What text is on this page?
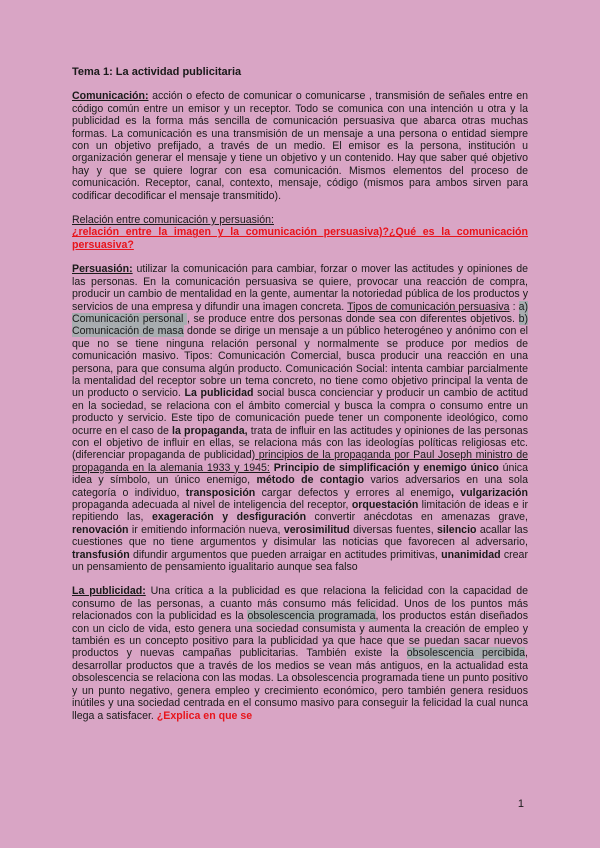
Tema 1: La actividad publicitaria

Comunicación: acción o efecto de comunicar o comunicarse , transmisión de señales entre en código común entre un emisor y un receptor. Todo se comunica con una intención u otra y la publicidad es la forma más sencilla de comunicación persuasiva que abarca otras muchas formas. La comunicación es una transmisión de un mensaje a una persona o entidad siempre con un objetivo prefijado, a través de un medio. El emisor es la persona, institución u organización generar el mensaje y tiene un objetivo y un contenido. Hay que saber qué objetivo hay y que se quiere lograr con esa comunicación. Mismos elementos del proceso de comunicación. Receptor, canal, contexto, mensaje, código (mismos para ambos sirven para codificar decodificar el mensaje transmitido).

Relación entre comunicación y persuasión:
¿relación entre la imagen y la comunicación persuasiva)?¿Qué es la comunicación persuasiva?

Persuasión: utilizar la comunicación para cambiar, forzar o mover las actitudes y opiniones de las personas. En la comunicación persuasiva se quiere, provocar una reacción de compra, producir un cambio de mentalidad en la gente, aumentar la notoriedad pública de los productos y servicios de una empresa y difundir una imagen concreta. Tipos de comunicación persuasiva : a) Comunicación personal , se produce entre dos personas donde sea con diferentes objetivos. b) Comunicación de masa donde se dirige un mensaje a un público heterogéneo y anónimo con el que no se tiene ninguna relación personal y normalmente se produce por medios de comunicación masivo. Tipos: Comunicación Comercial, busca producir una reacción en una persona, para que consuma algún producto. Comunicación Social: intenta cambiar parcialmente la mentalidad del receptor sobre un tema concreto, no tiene como objetivo principal la venta de un producto o servicio. La publicidad social busca concienciar y producir un cambio de actitud en la sociedad, se relaciona con el ámbito comercial y busca la compra o consumo entre un producto y servicio. Este tipo de comunicación puede tener un componente ideológico, como ocurre en el caso de la propaganda, trata de influir en las actitudes y opiniones de las personas con el objetivo de influir en ellas, se relaciona más con las ideologías políticas religiosas etc. (diferenciar propaganda de publicidad) principios de la propaganda por Paul Joseph ministro de propaganda en la alemania 1933 y 1945: Principio de simplificación y enemigo único única idea y símbolo, un único enemigo, método de contagio varios adversarios en una sola categoría o individuo, transposición cargar defectos y errores al enemigo, vulgarización propaganda adecuada al nivel de inteligencia del receptor, orquestación limitación de ideas e ir repitiendo las, exageración y desfiguración convertir anécdotas en amenazas grave, renovación ir emitiendo información nueva, verosimilitud diversas fuentes, silencio acallar las cuestiones que no tiene argumentos y disimular las noticias que favorecen al adversario, transfusión difundir argumentos que pueden arraigar en actitudes primitivas, unanimidad crear un pensamiento de pensamiento igualitario aunque sea falso

La publicidad: Una crítica a la publicidad es que relaciona la felicidad con la capacidad de consumo de las personas, a cuanto más consumo más felicidad. Unos de los puntos más relacionados con la publicidad es la obsolescencia programada, los productos están diseñados con un ciclo de vida, esto genera una sociedad consumista y aumenta la creación de empleo y también es un concepto positivo para la publicidad ya que hace que se puedan sacar nuevos productos y nuevas campañas publicitarias. También existe la obsolescencia percibida, desarrollar productos que a través de los medios se vean más antiguos, en la actualidad esta obsolescencia se relaciona con las modas. La obsolescencia programada tiene un punto positivo y un punto negativo, genera empleo y crecimiento económico, pero también genera residuos inútiles y una sociedad centrada en el consumo masivo para conseguir la felicidad la cual nunca llega a satisfacer. ¿Explica en que se

1
